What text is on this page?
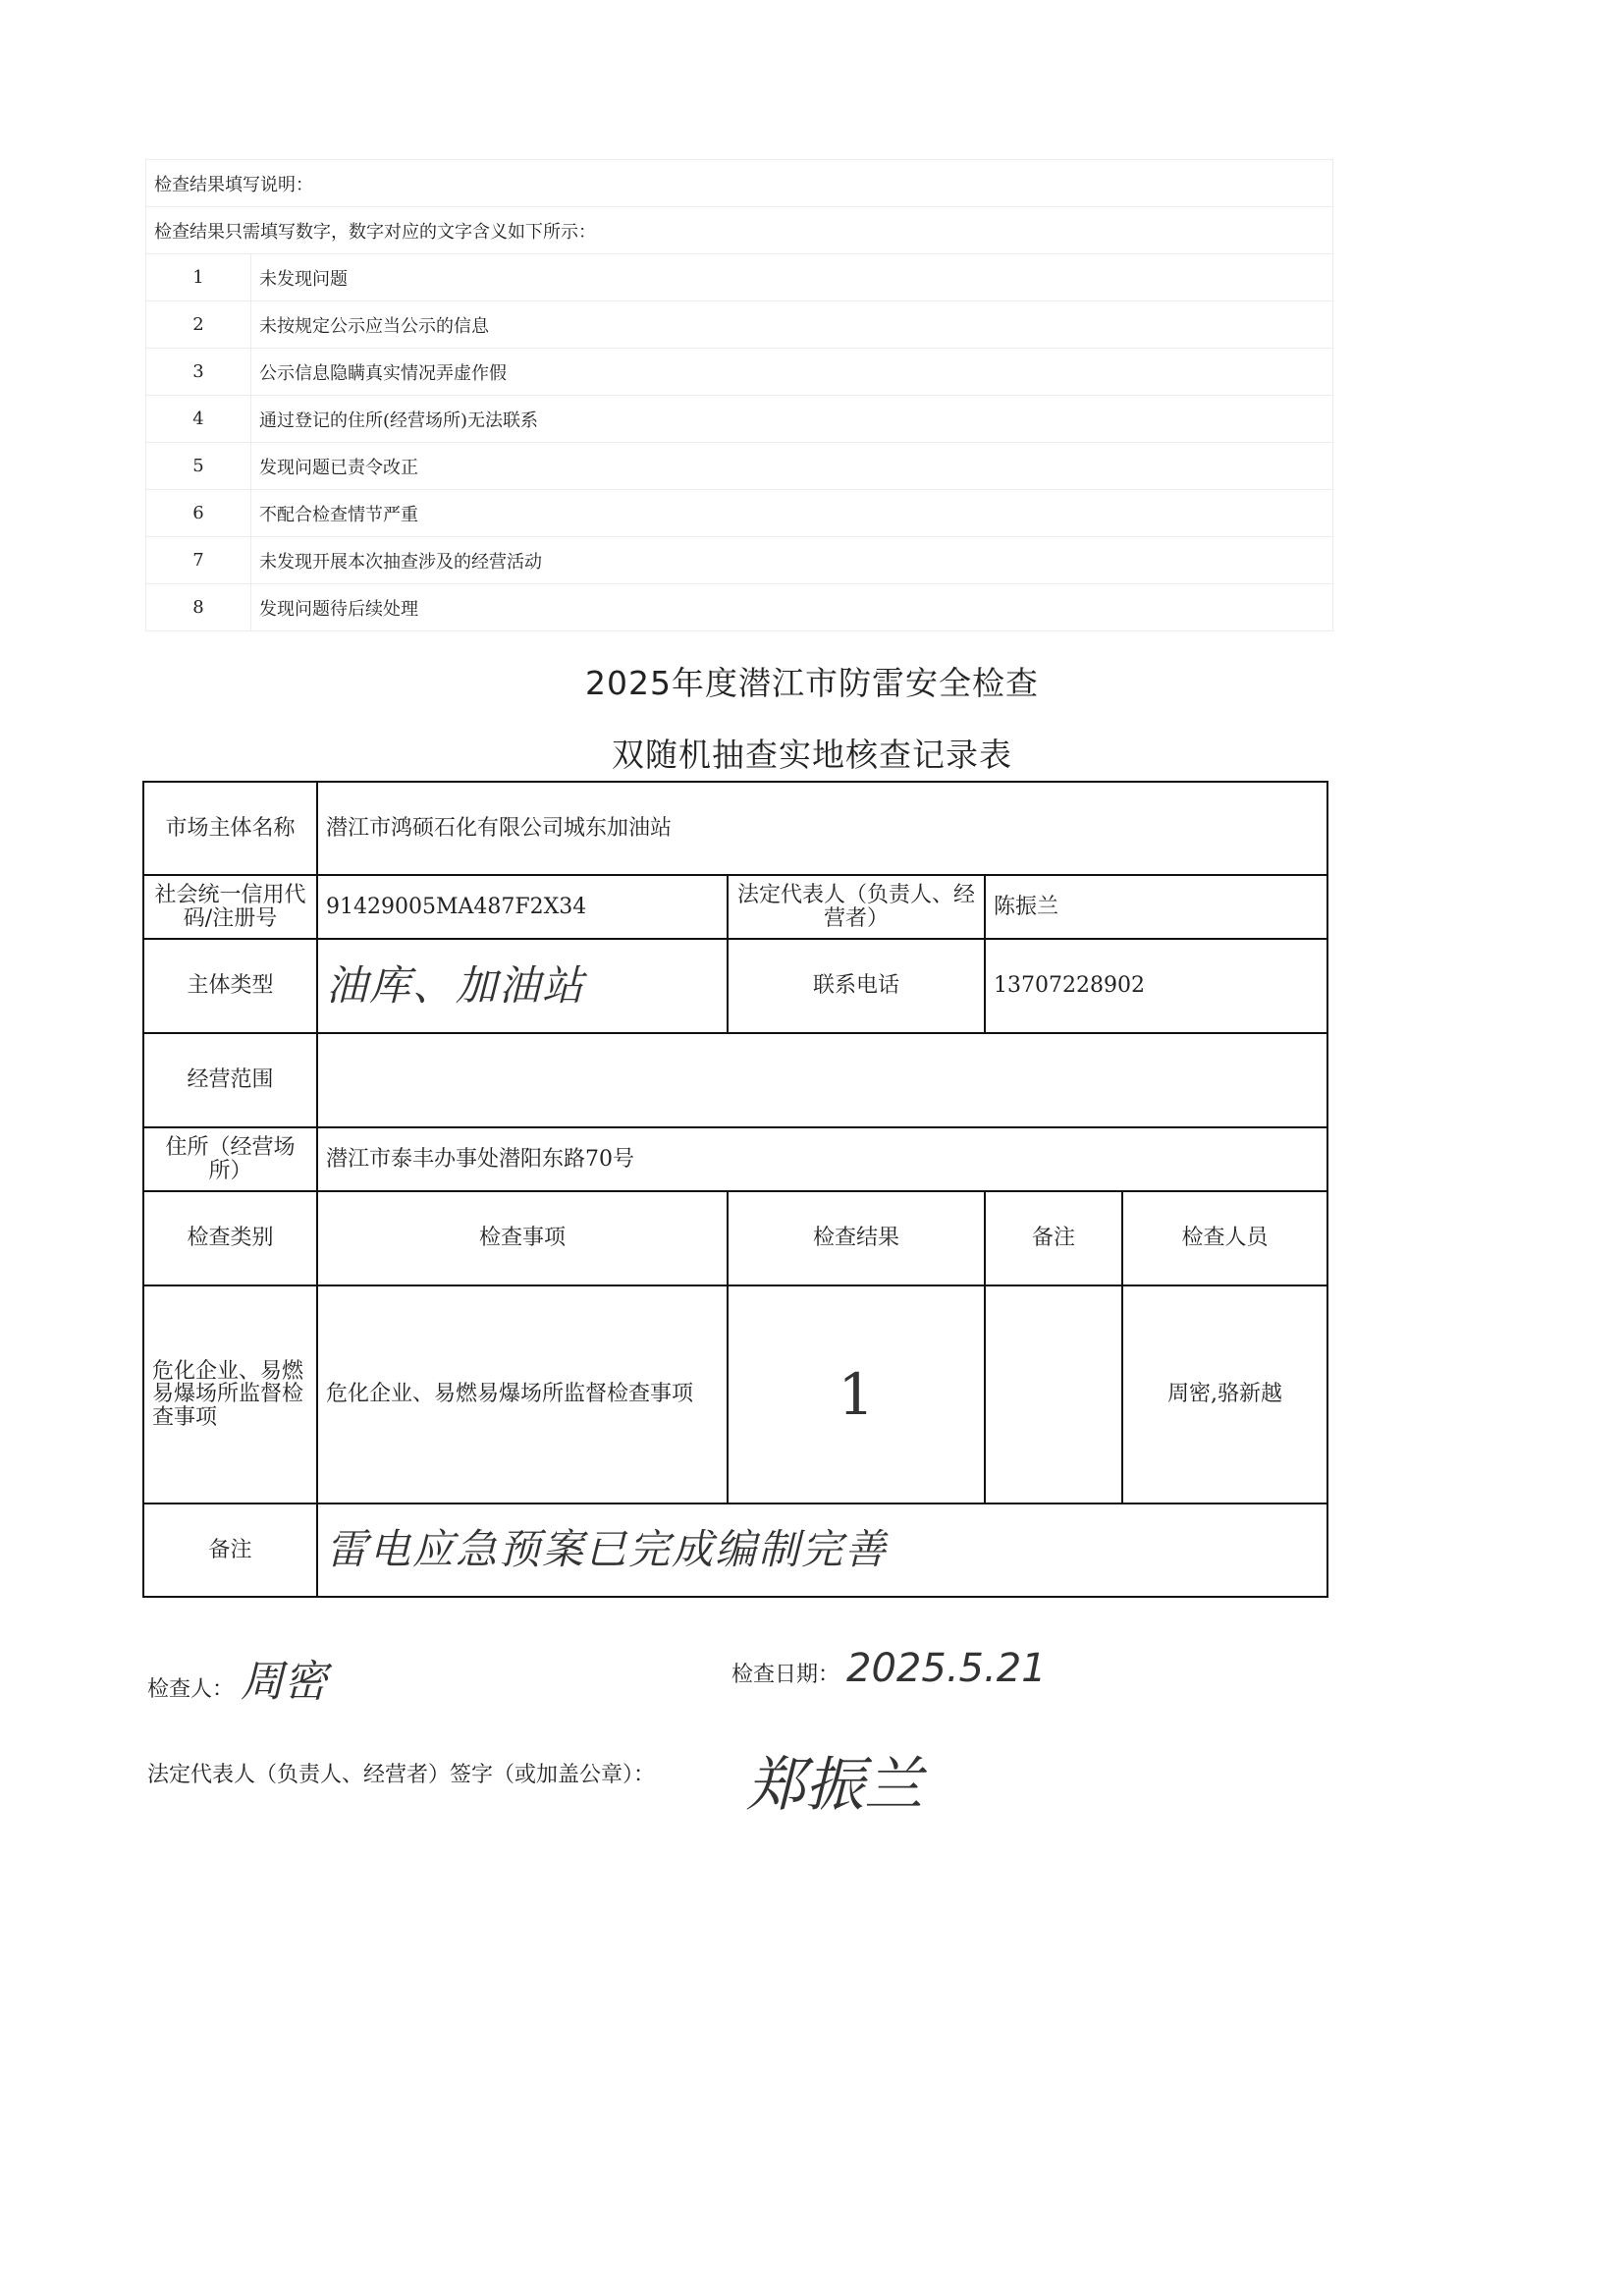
检查结果填写说明：	
检查结果只需填写数字，数字对应的文字含义如下所示：	
1	未发现问题
2	未按规定公示应当公示的信息
3	公示信息隐瞒真实情况弄虚作假
4	通过登记的住所(经营场所)无法联系
5	发现问题已责令改正
6	不配合检查情节严重
7	未发现开展本次抽查涉及的经营活动
8	发现问题待后续处理
2025年度潜江市防雷安全检查
双随机抽查实地核查记录表
市场主体名称	潜江市鸿硕石化有限公司城东加油站			
社会统一信用代码/注册号	91429005MA487F2X34	法定代表人（负责人、经营者）	陈振兰	
主体类型	油库、加油站	联系电话	13707228902	
经营范围				
住所（经营场所）	潜江市泰丰办事处潜阳东路70号			
检查类别	检查事项	检查结果	备注	检查人员
危化企业、易燃易爆场所监督检查事项	危化企业、易燃易爆场所监督检查事项	1		周密,骆新越
备注	雷电应急预案已完成编制完善			
检查人： 周密	检查日期： 2025.5.21
法定代表人（负责人、经营者）签字（或加盖公章）： 郑振兰
